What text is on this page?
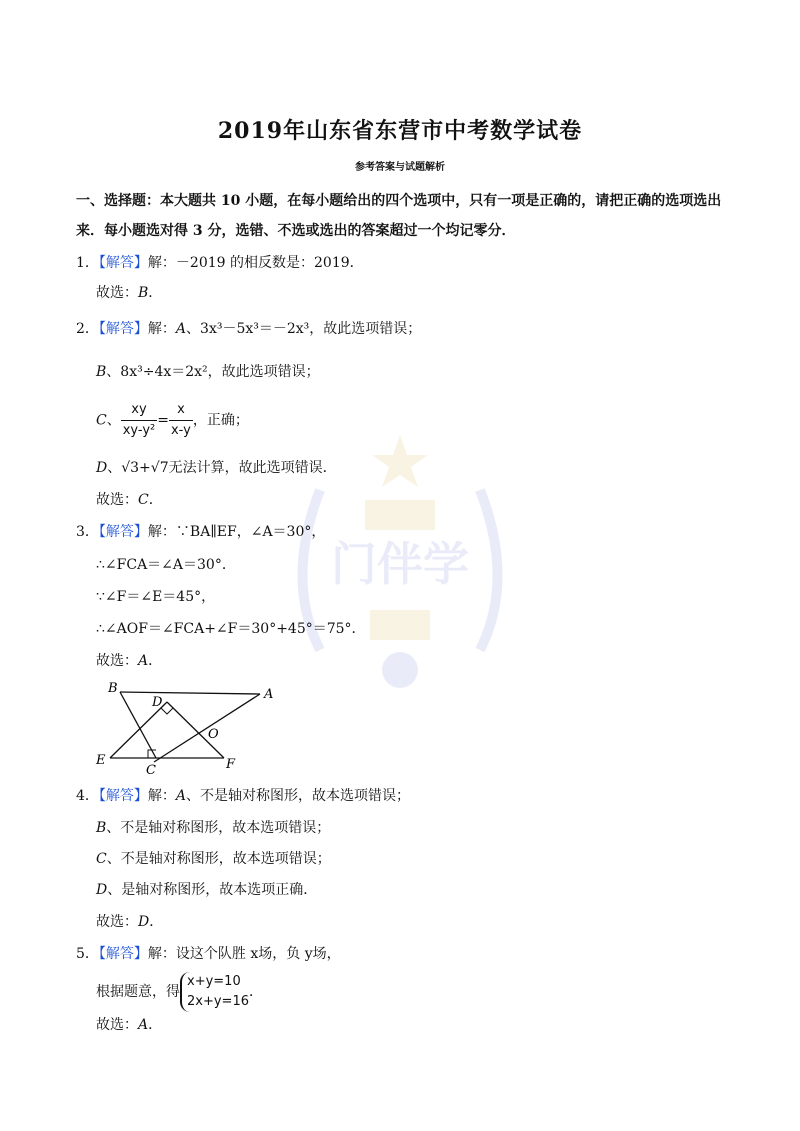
门伴学
2019年山东省东营市中考数学试卷
参考答案与试题解析
一、选择题：本大题共 10 小题，在每小题给出的四个选项中，只有一项是正确的，请把正确的选项选出
来．每小题选对得 3 分，选错、不选或选出的答案超过一个均记零分．
1．【解答】解：－2019 的相反数是：2019．
故选：B．
2．【解答】解：A、3x³－5x³＝－2x³，故此选项错误；
B、8x³÷4x＝2x²，故此选项错误；
C、 $\frac{xy}{\text{xy-y²}} = \frac{x}{x-y}$ ，正确；
D、√3+√7无法计算，故此选项错误．
故选：C．
3．【解答】解：∵BA∥EF，∠A＝30°，
∴∠FCA＝∠A＝30°．
∵∠F＝∠E＝45°，
∴∠AOF＝∠FCA+∠F＝30°+45°＝75°．
故选：A．
B
D
A
O
E
C	F
4．【解答】解：A、不是轴对称图形，故本选项错误；
B、不是轴对称图形，故本选项错误；
C、不是轴对称图形，故本选项错误；
D、是轴对称图形，故本选项正确．
故选：D．
5．【解答】解：设这个队胜 x场，负 y场，
根据题意，得
x+y=10
2x+y=16
．
故选：A．
